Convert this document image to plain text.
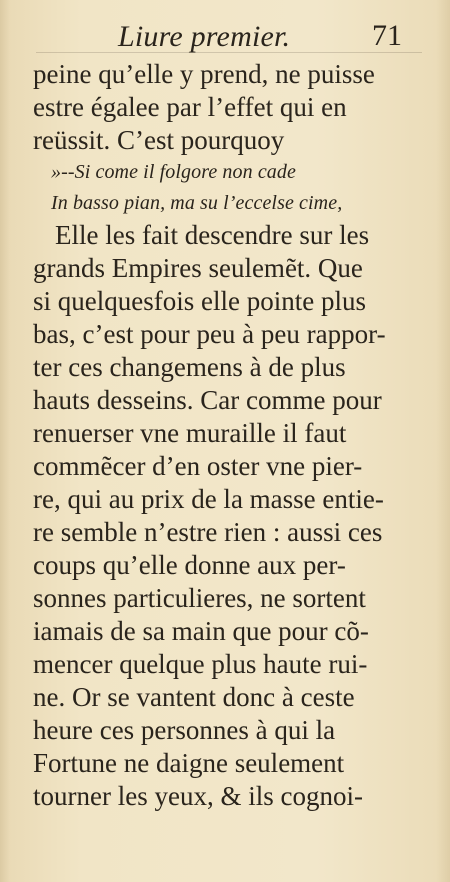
Liure premier.	71
peine qu’elle y prend, ne puisse
estre égalee par l’effet qui en
reüssit. C’est pourquoy
»--Si come il folgore non cade
In basso pian, ma su l’eccelse cime,
Elle les fait descendre sur les
grands Empires seulemẽt. Que
si quelquesfois elle pointe plus
bas, c’est pour peu à peu rappor-
ter ces changemens à de plus
hauts desseins. Car comme pour
renuerser vne muraille il faut
commẽcer d’en oster vne pier-
re, qui au prix de la masse entie-
re semble n’estre rien : aussi ces
coups qu’elle donne aux per-
sonnes particulieres, ne sortent
iamais de sa main que pour cõ-
mencer quelque plus haute rui-
ne. Or se vantent donc à ceste
heure ces personnes à qui la
Fortune ne daigne seulement
tourner les yeux, & ils cognoi-
